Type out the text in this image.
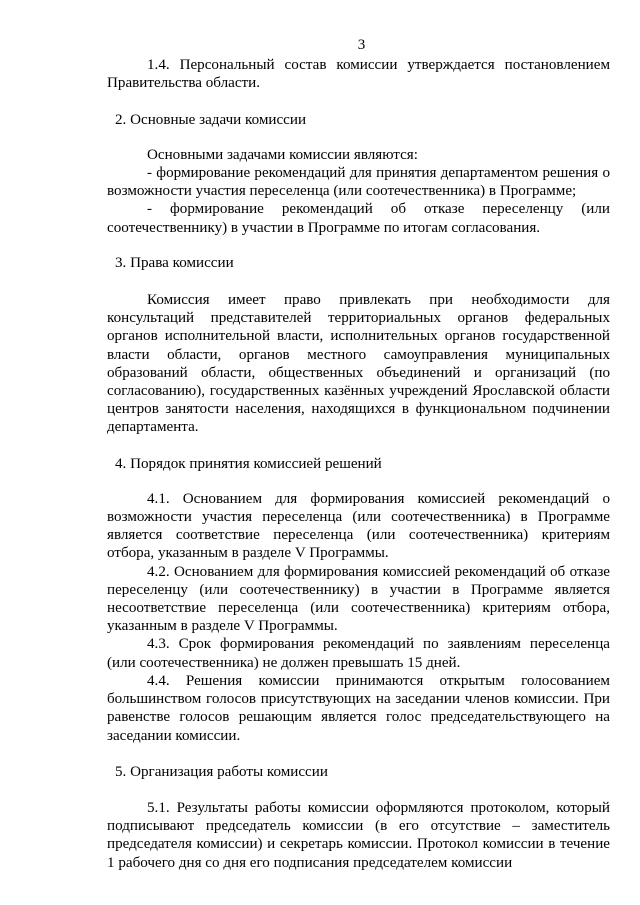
3

1.4. Персональный состав комиссии утверждается постановлением Правительства области.

2. Основные задачи комиссии

Основными задачами комиссии являются:

- формирование рекомендаций для принятия департаментом решения о возможности участия переселенца (или соотечественника) в Программе;

- формирование рекомендаций об отказе переселенцу (или соотечественнику) в участии в Программе по итогам согласования.

3. Права комиссии

Комиссия имеет право привлекать при необходимости для консультаций представителей территориальных органов федеральных органов исполнительной власти, исполнительных органов государственной власти области, органов местного самоуправления муниципальных образований области, общественных объединений и организаций (по согласованию), государственных казённых учреждений Ярославской области центров занятости населения, находящихся в функциональном подчинении департамента.

4. Порядок принятия комиссией решений

4.1. Основанием для формирования комиссией рекомендаций о возможности участия переселенца (или соотечественника) в Программе является соответствие переселенца (или соотечественника) критериям отбора, указанным в разделе V Программы.

4.2. Основанием для формирования комиссией рекомендаций об отказе переселенцу (или соотечественнику) в участии в Программе является несоответствие переселенца (или соотечественника) критериям отбора, указанным в разделе V Программы.

4.3. Срок формирования рекомендаций по заявлениям переселенца (или соотечественника) не должен превышать 15 дней.

4.4. Решения комиссии принимаются открытым голосованием большинством голосов присутствующих на заседании членов комиссии. При равенстве голосов решающим является голос председательствующего на заседании комиссии.

5. Организация работы комиссии

5.1. Результаты работы комиссии оформляются протоколом, который подписывают председатель комиссии (в его отсутствие – заместитель председателя комиссии) и секретарь комиссии. Протокол комиссии в течение 1 рабочего дня со дня его подписания председателем комиссии
